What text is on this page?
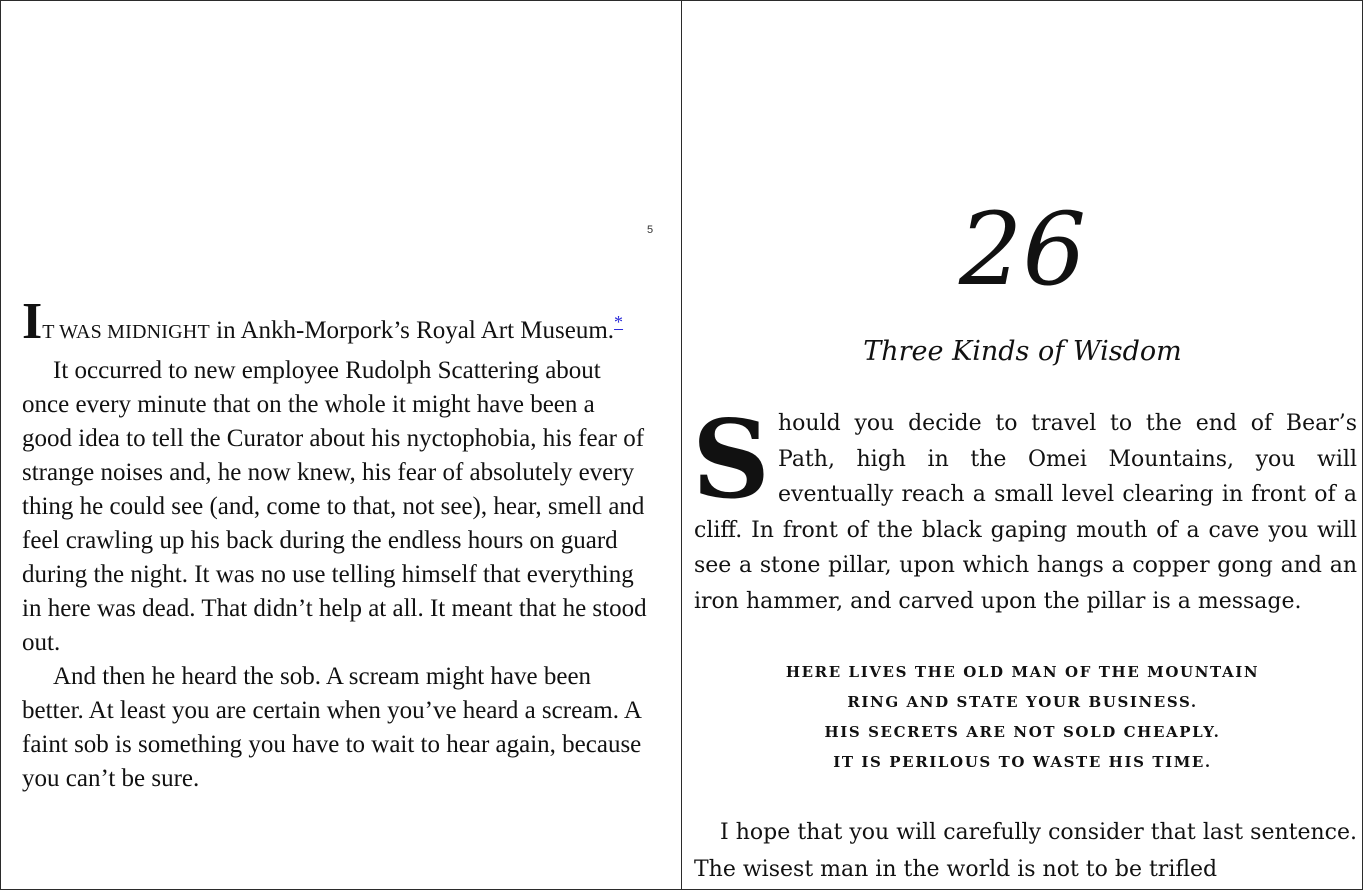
5

IT WAS MIDNIGHT in Ankh-Morpork’s Royal Art Museum.*

It occurred to new employee Rudolph Scattering about once every minute that on the whole it might have been a good idea to tell the Curator about his nyctophobia, his fear of strange noises and, he now knew, his fear of absolutely every thing he could see (and, come to that, not see), hear, smell and feel crawling up his back during the endless hours on guard during the night. It was no use telling himself that everything in here was dead. That didn’t help at all. It meant that he stood out.

And then he heard the sob. A scream might have been better. At least you are certain when you’ve heard a scream. A faint sob is something you have to wait to hear again, because you can’t be sure.

26
Three Kinds of Wisdom

Should you decide to travel to the end of Bear’s Path, high in the Omei Mountains, you will eventually reach a small level clearing in front of a cliff. In front of the black gaping mouth of a cave you will see a stone pillar, upon which hangs a copper gong and an iron hammer, and carved upon the pillar is a message.

HERE LIVES THE OLD MAN OF THE MOUNTAIN
RING AND STATE YOUR BUSINESS.
HIS SECRETS ARE NOT SOLD CHEAPLY.
IT IS PERILOUS TO WASTE HIS TIME.

I hope that you will carefully consider that last sentence. The wisest man in the world is not to be trifled
